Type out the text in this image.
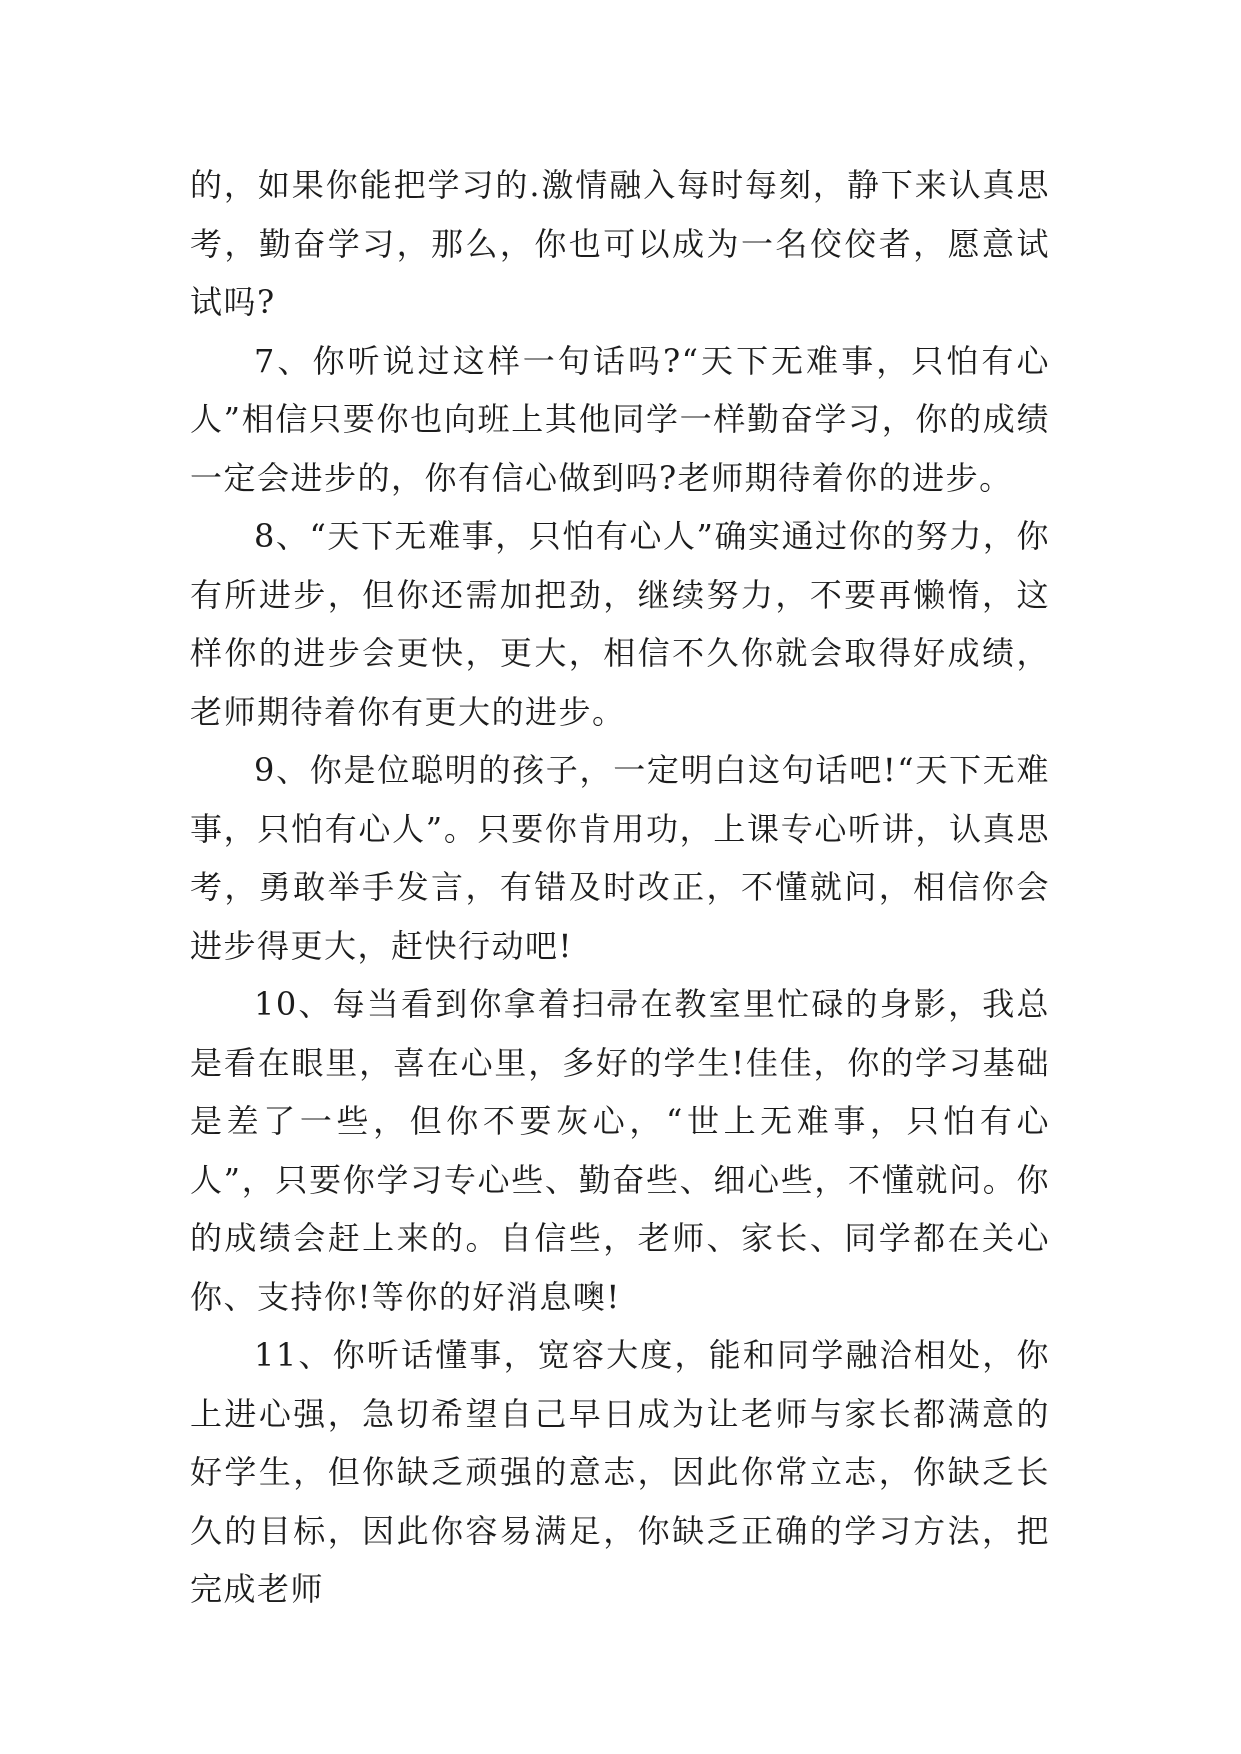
的，如果你能把学习的.激情融入每时每刻，静下来认真思考，勤奋学习，那么，你也可以成为一名佼佼者，愿意试试吗?

7、你听说过这样一句话吗?“天下无难事，只怕有心人”相信只要你也向班上其他同学一样勤奋学习，你的成绩一定会进步的，你有信心做到吗?老师期待着你的进步。

8、“天下无难事，只怕有心人”确实通过你的努力，你有所进步，但你还需加把劲，继续努力，不要再懒惰，这样你的进步会更快，更大，相信不久你就会取得好成绩，老师期待着你有更大的进步。

9、你是位聪明的孩子，一定明白这句话吧!“天下无难事，只怕有心人”。只要你肯用功，上课专心听讲，认真思考，勇敢举手发言，有错及时改正，不懂就问，相信你会进步得更大，赶快行动吧!

10、每当看到你拿着扫帚在教室里忙碌的身影，我总是看在眼里，喜在心里，多好的学生!佳佳，你的学习基础是差了一些，但你不要灰心，“世上无难事，只怕有心人”，只要你学习专心些、勤奋些、细心些，不懂就问。你的成绩会赶上来的。自信些，老师、家长、同学都在关心你、支持你!等你的好消息噢!

11、你听话懂事，宽容大度，能和同学融洽相处，你上进心强，急切希望自己早日成为让老师与家长都满意的好学生，但你缺乏顽强的意志，因此你常立志，你缺乏长久的目标，因此你容易满足，你缺乏正确的学习方法，把完成老师
